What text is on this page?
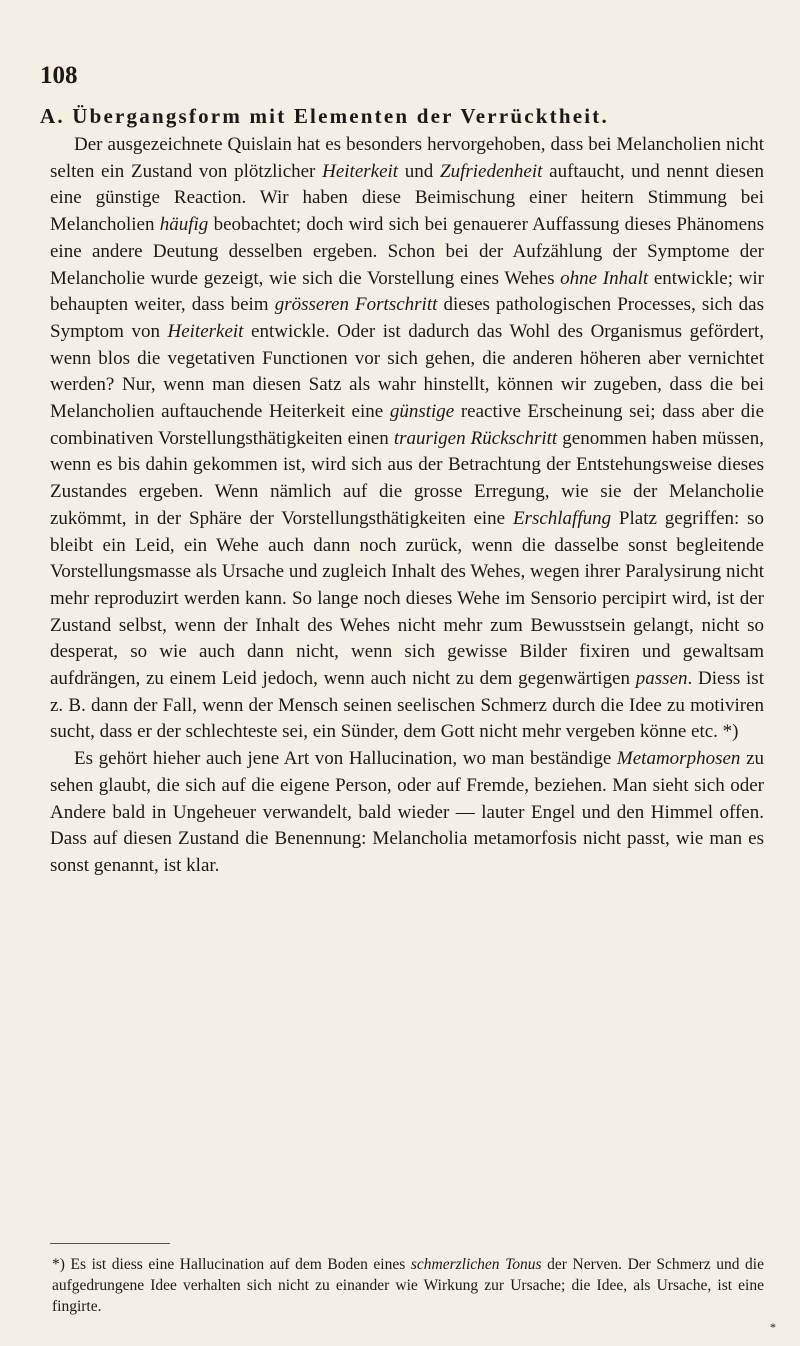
108
A. Übergangsform mit Elementen der Verrücktheit.

Der ausgezeichnete Quislain hat es besonders hervorgehoben, dass bei Melancholien nicht selten ein Zustand von plötzlicher Heiterkeit und Zufriedenheit auftaucht, und nennt diesen eine günstige Reaction. Wir haben diese Beimischung einer heitern Stimmung bei Melancholien häufig beobachtet; doch wird sich bei genauerer Auffassung dieses Phänomens eine andere Deutung desselben ergeben. Schon bei der Aufzählung der Symptome der Melancholie wurde gezeigt, wie sich die Vorstellung eines Wehes ohne Inhalt entwickle; wir behaupten weiter, dass beim grösseren Fortschritt dieses pathologischen Processes, sich das Symptom von Heiterkeit entwickle. Oder ist dadurch das Wohl des Organismus gefördert, wenn blos die vegetativen Functionen vor sich gehen, die anderen höheren aber vernichtet werden? Nur, wenn man diesen Satz als wahr hinstellt, können wir zugeben, dass die bei Melancholien auftauchende Heiterkeit eine günstige reactive Erscheinung sei; dass aber die combinativen Vorstellungsthätigkeiten einen traurigen Rückschritt genommen haben müssen, wenn es bis dahin gekommen ist, wird sich aus der Betrachtung der Entstehungsweise dieses Zustandes ergeben. Wenn nämlich auf die grosse Erregung, wie sie der Melancholie zukömmt, in der Sphäre der Vorstellungsthätigkeiten eine Erschlaffung Platz gegriffen: so bleibt ein Leid, ein Wehe auch dann noch zurück, wenn die dasselbe sonst begleitende Vorstellungsmasse als Ursache und zugleich Inhalt des Wehes, wegen ihrer Paralysirung nicht mehr reproduzirt werden kann. So lange noch dieses Wehe im Sensorio percipirt wird, ist der Zustand selbst, wenn der Inhalt des Wehes nicht mehr zum Bewusstsein gelangt, nicht so desperat, so wie auch dann nicht, wenn sich gewisse Bilder fixiren und gewaltsam aufdrängen, zu einem Leid jedoch, wenn auch nicht zu dem gegenwärtigen passen. Diess ist z. B. dann der Fall, wenn der Mensch seinen seelischen Schmerz durch die Idee zu motiviren sucht, dass er der schlechteste sei, ein Sünder, dem Gott nicht mehr vergeben könne etc. *)

Es gehört hieher auch jene Art von Hallucination, wo man beständige Metamorphosen zu sehen glaubt, die sich auf die eigene Person, oder auf Fremde, beziehen. Man sieht sich oder Andere bald in Ungeheuer verwandelt, bald wieder — lauter Engel und den Himmel offen. Dass auf diesen Zustand die Benennung: Melancholia metamorfosis nicht passt, wie man es sonst genannt, ist klar.

*) Es ist diess eine Hallucination auf dem Boden eines schmerzlichen Tonus der Nerven. Der Schmerz und die aufgedrungene Idee verhalten sich nicht zu einander wie Wirkung zur Ursache; die Idee, als Ursache, ist eine fingirte.
*
